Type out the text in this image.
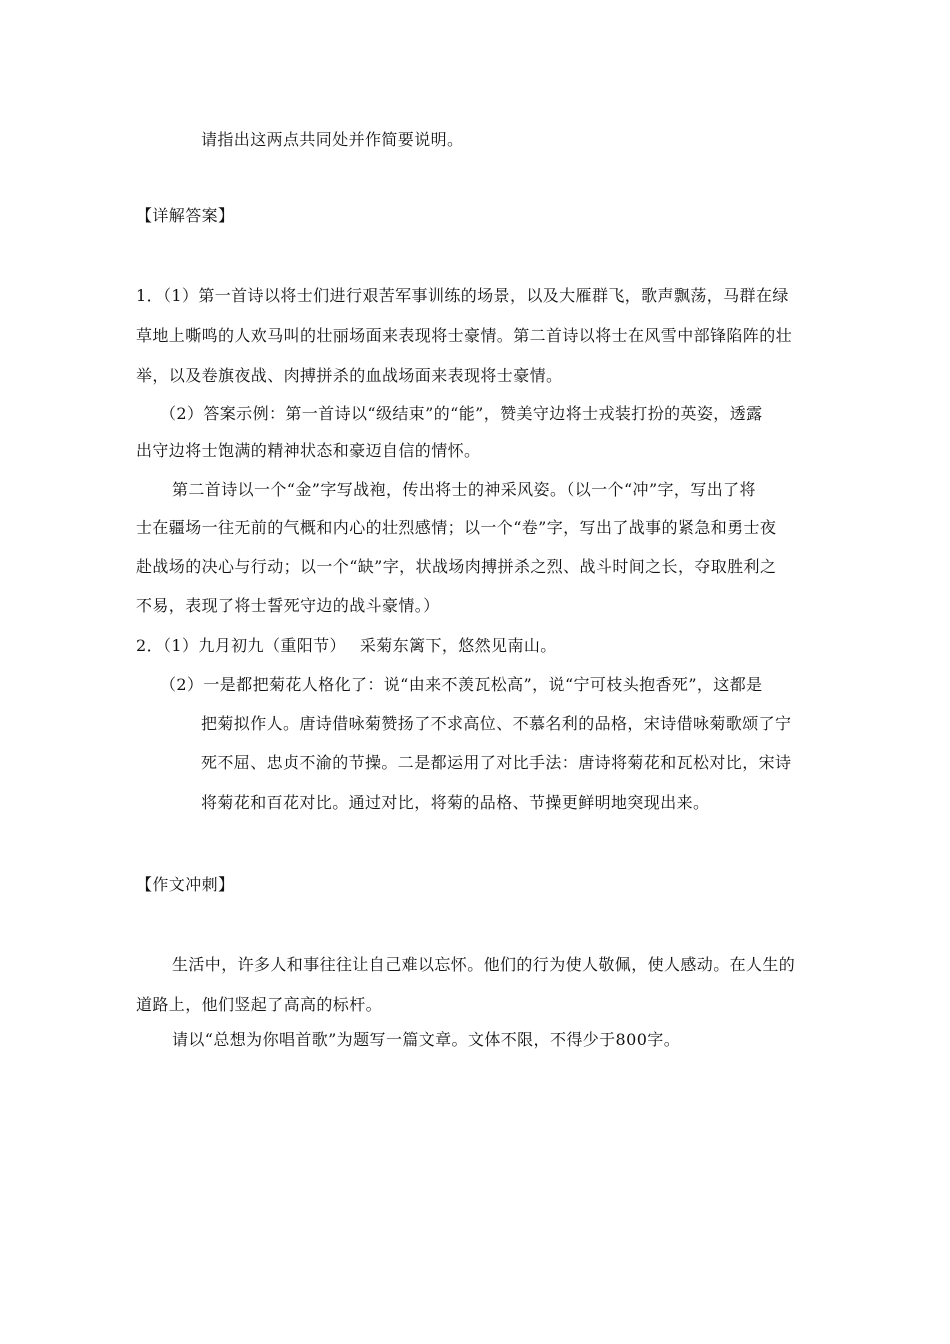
请指出这两点共同处并作简要说明。
【详解答案】
1．（1）第一首诗以将士们进行艰苦军事训练的场景，以及大雁群飞，歌声飘荡，马群在绿
草地上嘶鸣的人欢马叫的壮丽场面来表现将士豪情。第二首诗以将士在风雪中部锋陷阵的壮
举，以及卷旗夜战、肉搏拼杀的血战场面来表现将士豪情。
（2）答案示例：第一首诗以“级结束”的“能”，赞美守边将士戎装打扮的英姿，透露
出守边将士饱满的精神状态和豪迈自信的情怀。
第二首诗以一个“金”字写战袍，传出将士的神采风姿。（以一个“冲”字，写出了将
士在疆场一往无前的气概和内心的壮烈感情；以一个“卷”字，写出了战事的紧急和勇士夜
赴战场的决心与行动；以一个“缺”字，状战场肉搏拼杀之烈、战斗时间之长，夺取胜利之
不易，表现了将士誓死守边的战斗豪情。）
2．（1）九月初九（重阳节）　 采菊东篱下，悠然见南山。
（2）一是都把菊花人格化了：说“由来不羡瓦松高”，说“宁可枝头抱香死”，这都是
把菊拟作人。唐诗借咏菊赞扬了不求高位、不慕名利的品格，宋诗借咏菊歌颂了宁
死不屈、忠贞不渝的节操。二是都运用了对比手法：唐诗将菊花和瓦松对比，宋诗
将菊花和百花对比。通过对比，将菊的品格、节操更鲜明地突现出来。
【作文冲刺】
生活中，许多人和事往往让自己难以忘怀。他们的行为使人敬佩，使人感动。在人生的
道路上，他们竖起了高高的标杆。
请以“总想为你唱首歌”为题写一篇文章。文体不限，不得少于800字。
